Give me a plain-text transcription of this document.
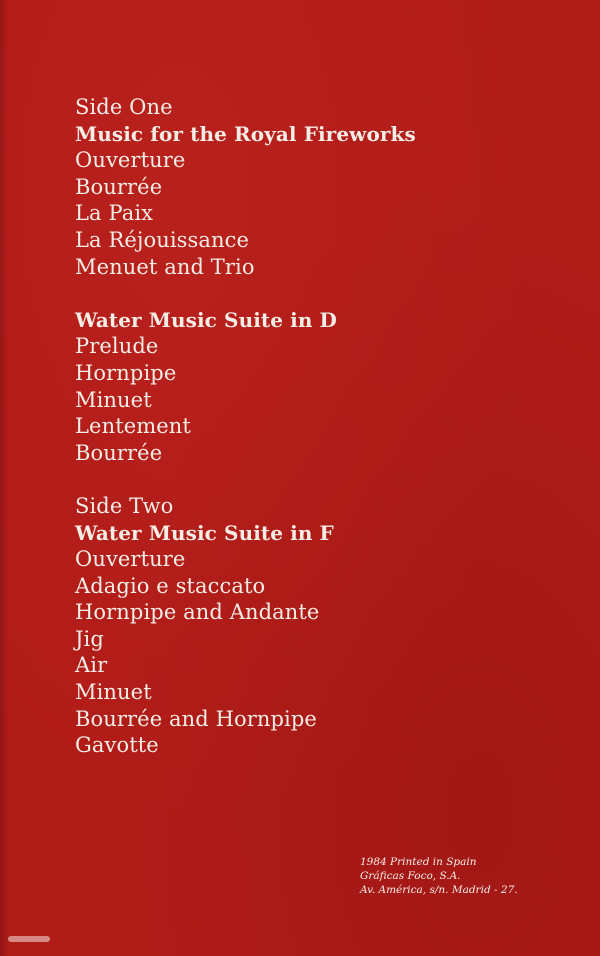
Side One
Music for the Royal Fireworks
Ouverture
Bourrée
La Paix
La Réjouissance
Menuet and Trio
Water Music Suite in D
Prelude
Hornpipe
Minuet
Lentement
Bourrée
Side Two
Water Music Suite in F
Ouverture
Adagio e staccato
Hornpipe and Andante
Jig
Air
Minuet
Bourrée and Hornpipe
Gavotte
1984 Printed in Spain
Gráficas Foco, S.A.
Av. América, s/n. Madrid - 27.
